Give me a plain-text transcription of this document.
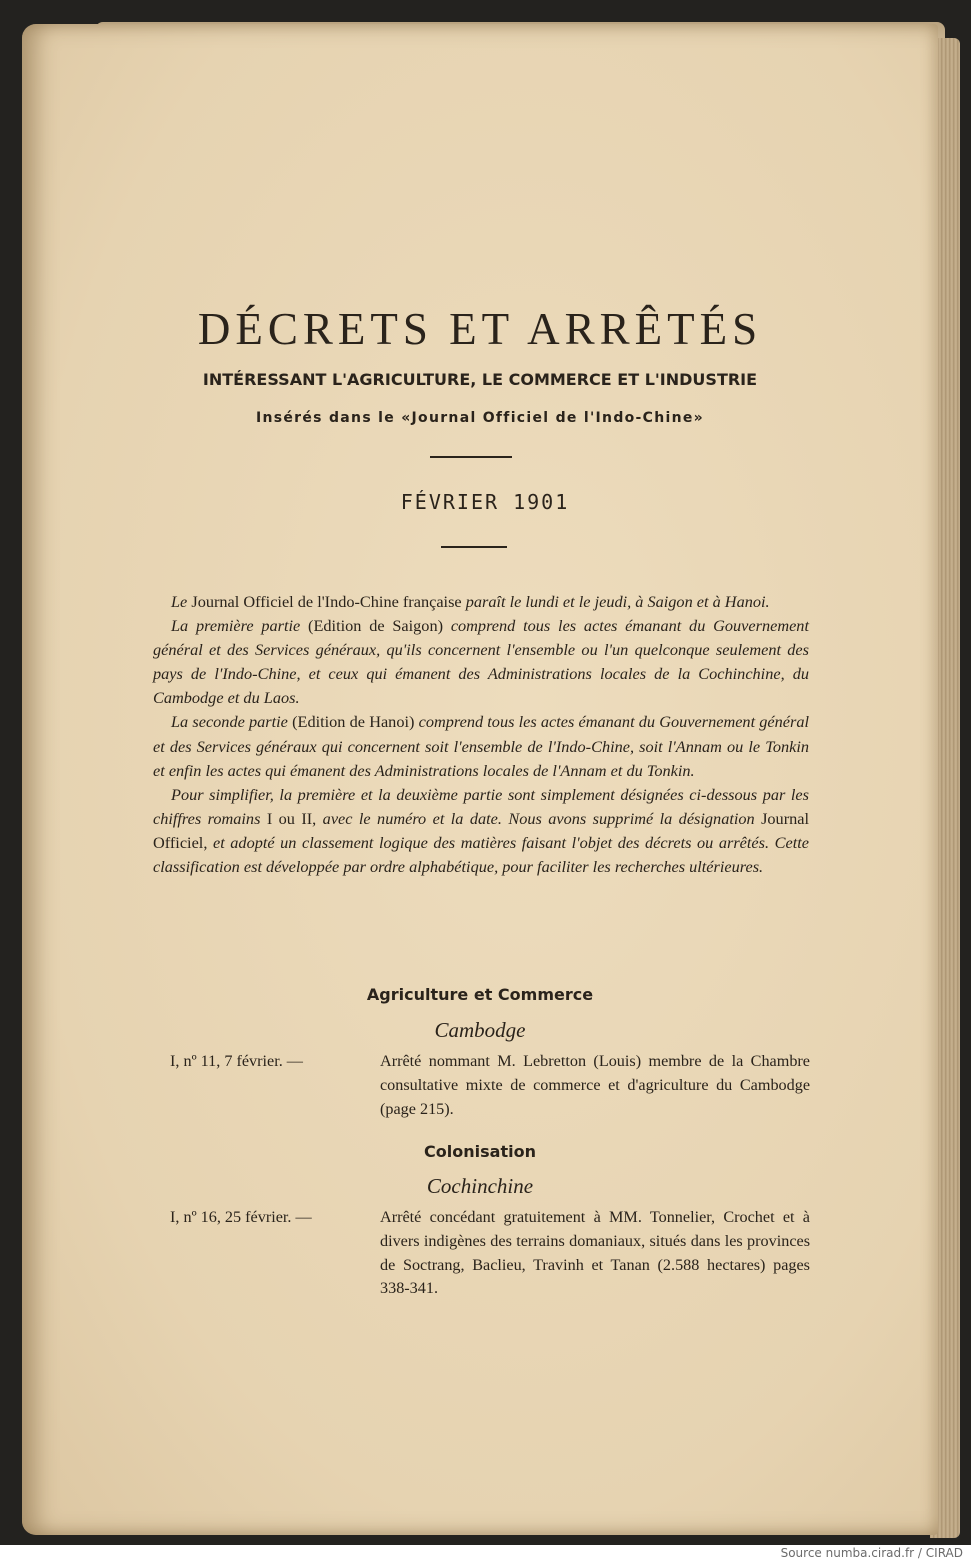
DÉCRETS ET ARRÊTÉS
INTÉRESSANT L'AGRICULTURE, LE COMMERCE ET L'INDUSTRIE
Insérés dans le «Journal Officiel de l'Indo-Chine»
FÉVRIER 1901

Le Journal Officiel de l'Indo-Chine française paraît le lundi et le jeudi, à Saigon et à Hanoi.

La première partie (Edition de Saigon) comprend tous les actes émanant du Gouvernement général et des Services généraux, qu'ils concernent l'ensemble ou l'un quelconque seulement des pays de l'Indo-Chine, et ceux qui émanent des Administrations locales de la Cochinchine, du Cambodge et du Laos.

La seconde partie (Edition de Hanoi) comprend tous les actes émanant du Gouvernement général et des Services généraux qui concernent soit l'ensemble de l'Indo-Chine, soit l'Annam ou le Tonkin et enfin les actes qui émanent des Administrations locales de l'Annam et du Tonkin.

Pour simplifier, la première et la deuxième partie sont simplement désignées ci-dessous par les chiffres romains I ou II, avec le numéro et la date. Nous avons supprimé la désignation Journal Officiel, et adopté un classement logique des matières faisant l'objet des décrets ou arrêtés. Cette classification est développée par ordre alphabétique, pour faciliter les recherches ultérieures.

Agriculture et Commerce
Cambodge
I, nº 11, 7 février. —	Arrêté nommant M. Lebretton (Louis) membre de la Chambre consultative mixte de commerce et d'agriculture du Cambodge (page 215).
Colonisation
Cochinchine
I, nº 16, 25 février. —	Arrêté concédant gratuitement à MM. Tonnelier, Crochet et à divers indigènes des terrains domaniaux, situés dans les provinces de Soctrang, Baclieu, Travinh et Tanan (2.588 hectares) pages 338-341.
Source numba.cirad.fr / CIRAD
